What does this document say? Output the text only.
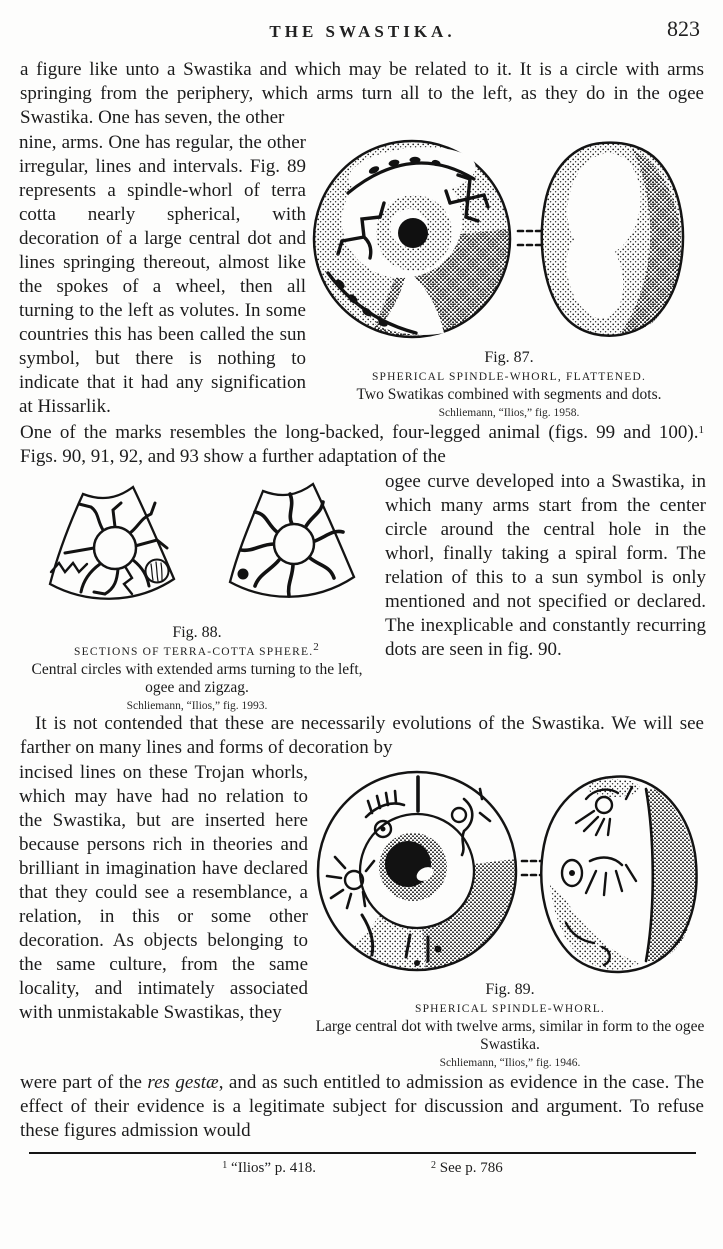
THE SWASTIKA.	823

a figure like unto a Swastika and which may be related to it. It is a circle with arms springing from the periphery, which arms turn all to the left, as they do in the ogee Swastika. One has seven, the other

Fig. 87.
SPHERICAL SPINDLE-WHORL, FLATTENED.
Two Swatikas combined with segments and dots.
Schliemann, “Ilios,” fig. 1958.

nine, arms. One has regular, the other irregular, lines and intervals. Fig. 89 represents a spindle-whorl of terra cotta nearly spherical, with decoration of a large central dot and lines springing thereout, almost like the spokes of a wheel, then all turning to the left as volutes. In some countries this has been called the sun symbol, but there is nothing to indicate that it had any signification at Hissarlik.

One of the marks resembles the long-backed, four-legged animal (figs. 99 and 100).$^1$ Figs. 90, 91, 92, and 93 show a further adaptation of the

Fig. 88.
SECTIONS OF TERRA-COTTA SPHERE.$^2$
Central circles with extended arms turning to the left, ogee and zigzag.
Schliemann, “Ilios,” fig. 1993.

ogee curve developed into a Swastika, in which many arms start from the center circle around the central hole in the whorl, finally taking a spiral form. The relation of this to a sun symbol is only mentioned and not specified or declared. The inexplicable and constantly recurring dots are seen in fig. 90.

It is not contended that these are necessarily evolutions of the Swastika. We will see farther on many lines and forms of decoration by

Fig. 89.
SPHERICAL SPINDLE-WHORL.
Large central dot with twelve arms, similar in form to the ogee Swastika.
Schliemann, “Ilios,” fig. 1946.

incised lines on these Trojan whorls, which may have had no relation to the Swastika, but are inserted here because persons rich in theories and brilliant in imagination have declared that they could see a resemblance, a relation, in this or some other decoration. As objects belonging to the same culture, from the same locality, and intimately associated with unmistakable Swastikas, they

were part of the res gestæ, and as such entitled to admission as evidence in the case. The effect of their evidence is a legitimate subject for discussion and argument. To refuse these figures admission would

$^1$ “Ilios” p. 418.	$^2$ See p. 786
